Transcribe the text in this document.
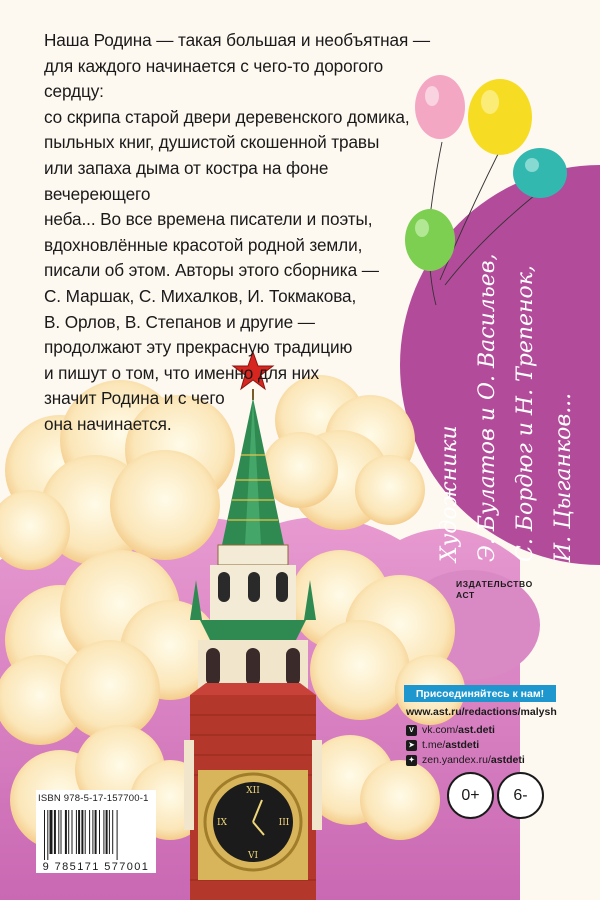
XII
III
VI
IX
Наша Родина — такая большая и необъятная —
для каждого начинается с чего-то дорогого сердцу:
со скрипа старой двери деревенского домика,
пыльных книг, душистой скошенной травы
или запаха дыма от костра на фоне вечереющего
неба... Во все времена писатели и поэты,
вдохновлённые красотой родной земли,
писали об этом. Авторы этого сборника —
С. Маршак, С. Михалков, И. Токмакова,
В. Орлов, В. Степанов и другие —
продолжают эту прекрасную традицию
и пишут о том, что именно для них
значит Родина и с чего
она начинается.
Художники Э. Булатов и О. Васильев, С. Бордюг и Н. Трепенок, И. Цыганков...
ИЗДАТЕЛЬСТВО
АСТ
Присоединяйтесь к нам!
www.ast.ru/redactions/malysh
V vk.com/ ast.deti
➤ t.me/ astdeti
✦ zen.yandex.ru/ astdeti
0+	6-
ISBN 978-5-17-157700-1
9 785171 577001
